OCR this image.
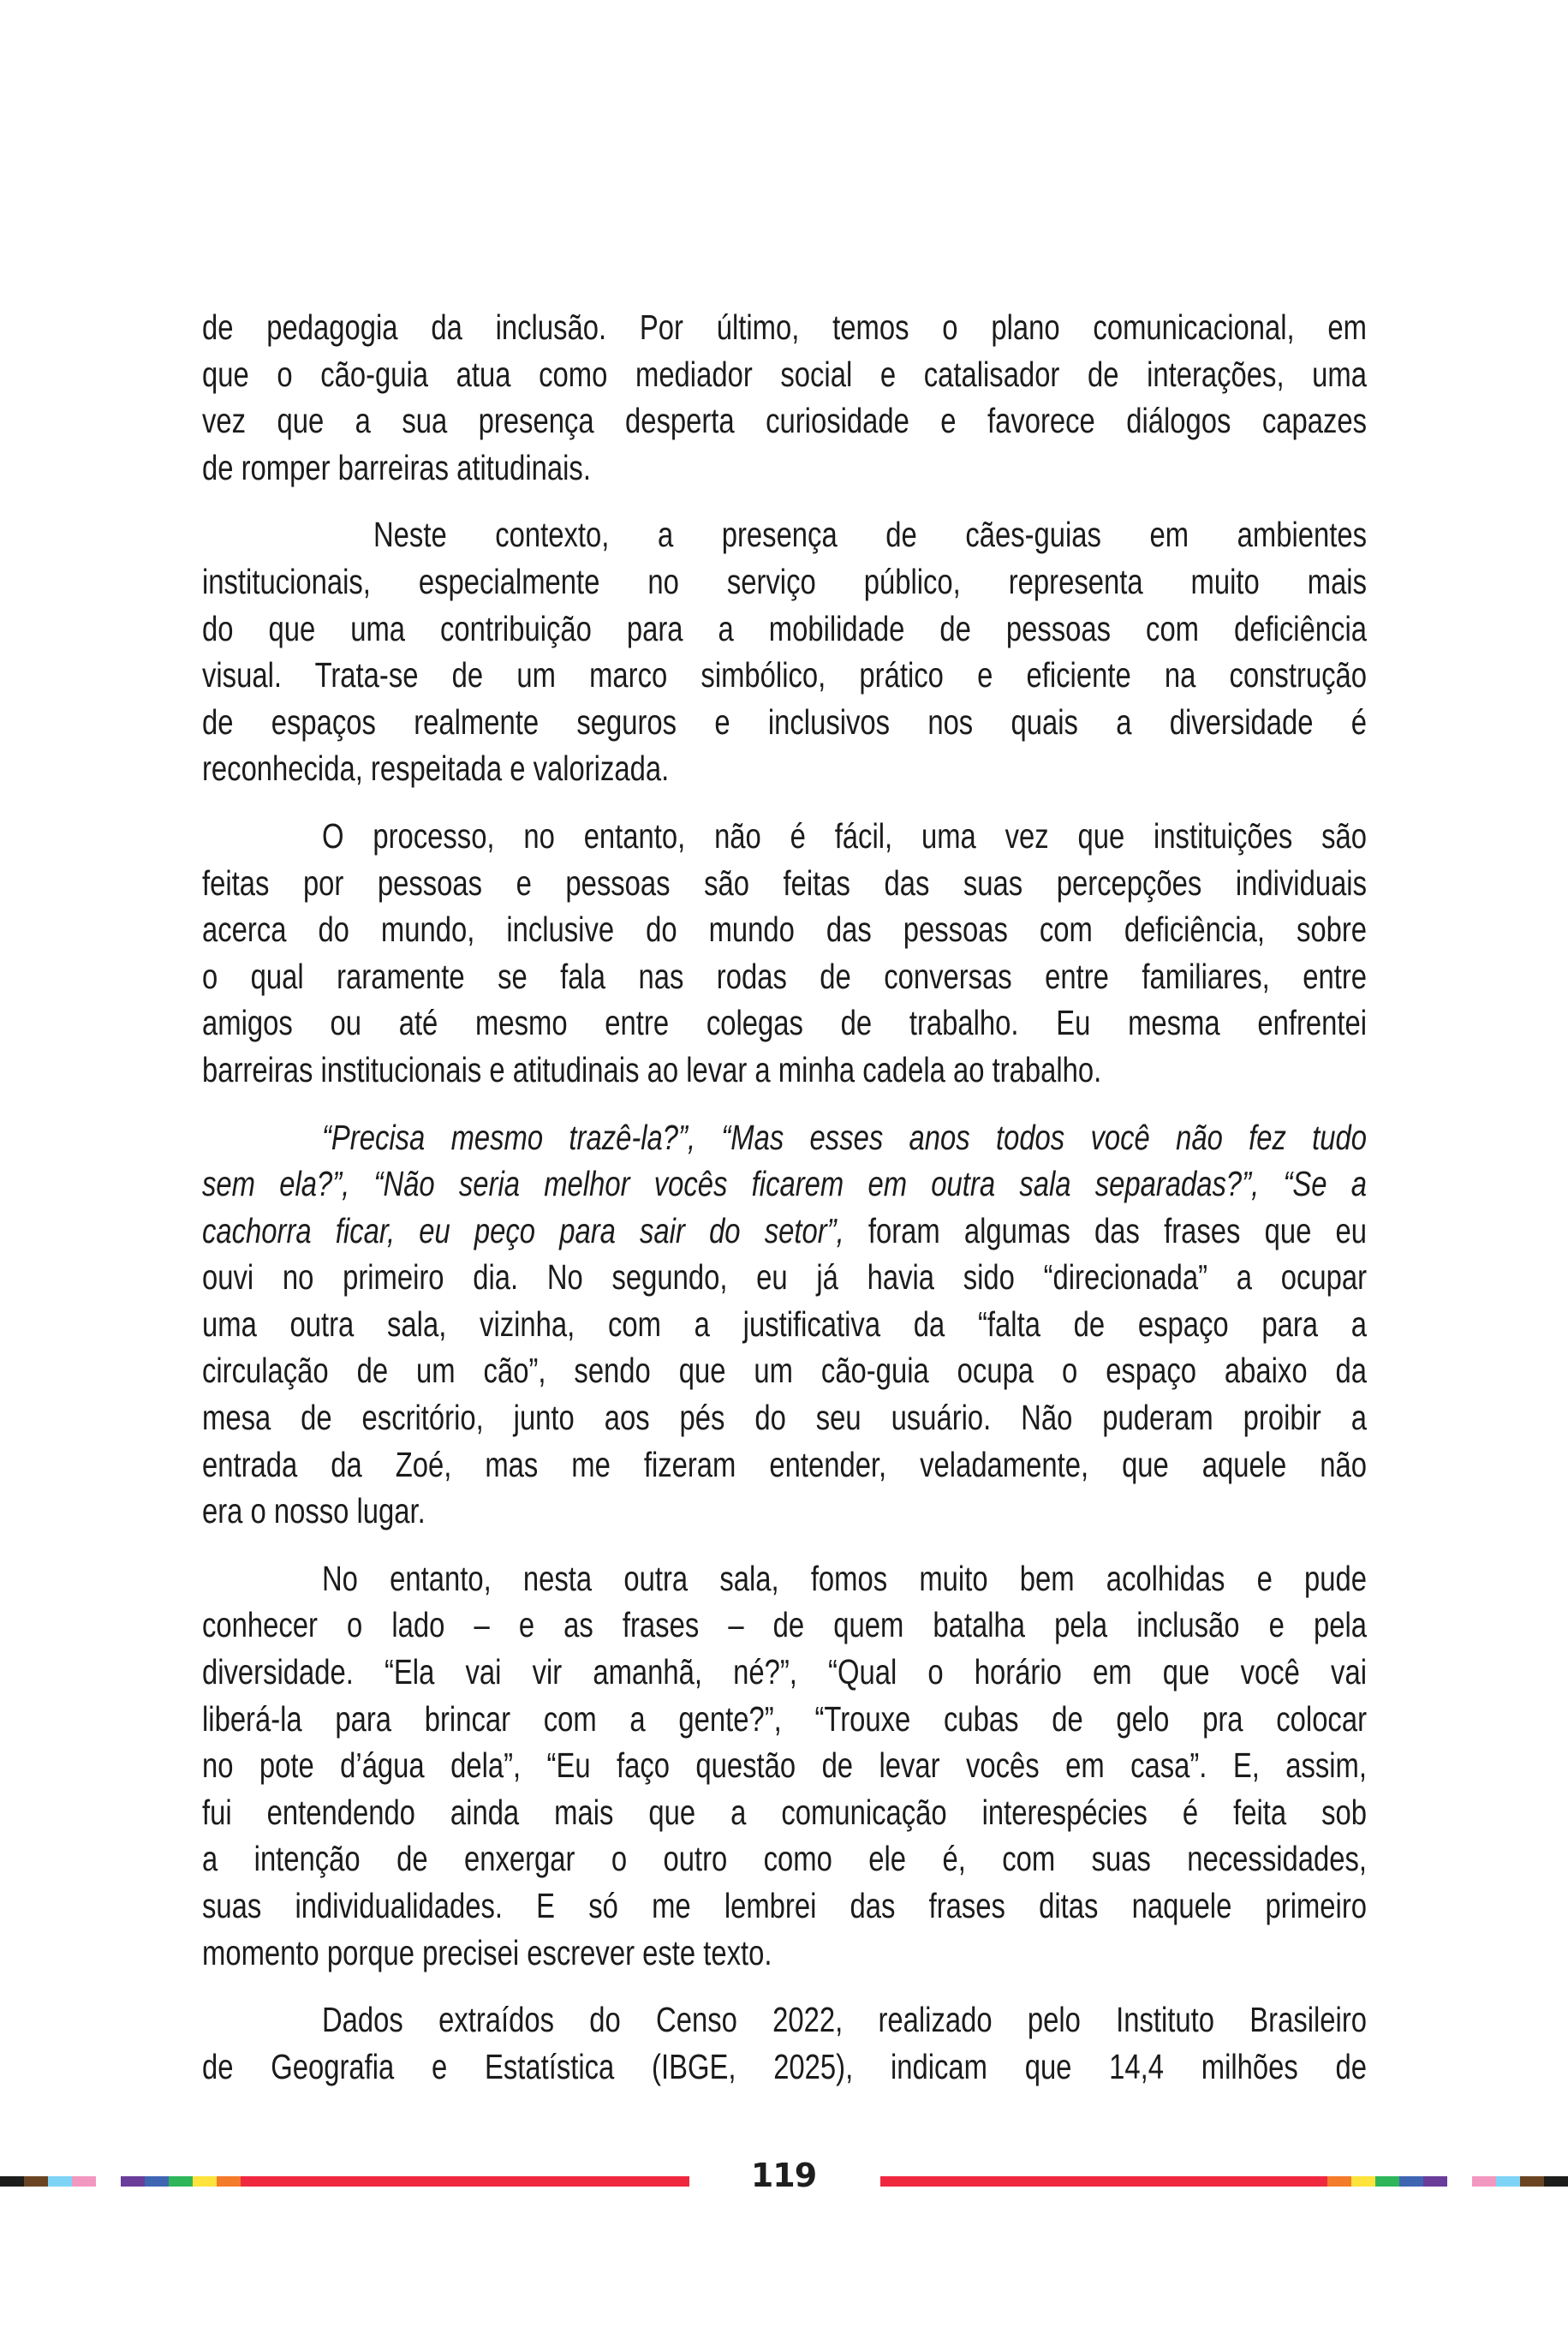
de pedagogia da inclusão. Por último, temos o plano comunicacional, em
que o cão-guia atua como mediador social e catalisador de interações, uma
vez que a sua presença desperta curiosidade e favorece diálogos capazes
de romper barreiras atitudinais.
Neste contexto, a presença de cães-guias em ambientes
institucionais, especialmente no serviço público, representa muito mais
do que uma contribuição para a mobilidade de pessoas com deficiência
visual. Trata-se de um marco simbólico, prático e eficiente na construção
de espaços realmente seguros e inclusivos nos quais a diversidade é
reconhecida, respeitada e valorizada.
O processo, no entanto, não é fácil, uma vez que instituições são
feitas por pessoas e pessoas são feitas das suas percepções individuais
acerca do mundo, inclusive do mundo das pessoas com deficiência, sobre
o qual raramente se fala nas rodas de conversas entre familiares, entre
amigos ou até mesmo entre colegas de trabalho. Eu mesma enfrentei
barreiras institucionais e atitudinais ao levar a minha cadela ao trabalho.
“Precisa mesmo trazê-la?”, “Mas esses anos todos você não fez tudo
sem ela?”, “Não seria melhor vocês ficarem em outra sala separadas?”, “Se a
cachorra ficar, eu peço para sair do setor”, foram algumas das frases que eu
ouvi no primeiro dia. No segundo, eu já havia sido “direcionada” a ocupar
uma outra sala, vizinha, com a justificativa da “falta de espaço para a
circulação de um cão”, sendo que um cão-guia ocupa o espaço abaixo da
mesa de escritório, junto aos pés do seu usuário. Não puderam proibir a
entrada da Zoé, mas me fizeram entender, veladamente, que aquele não
era o nosso lugar.
No entanto, nesta outra sala, fomos muito bem acolhidas e pude
conhecer o lado – e as frases – de quem batalha pela inclusão e pela
diversidade. “Ela vai vir amanhã, né?”, “Qual o horário em que você vai
liberá-la para brincar com a gente?”, “Trouxe cubas de gelo pra colocar
no pote d’água dela”, “Eu faço questão de levar vocês em casa”. E, assim,
fui entendendo ainda mais que a comunicação interespécies é feita sob
a intenção de enxergar o outro como ele é, com suas necessidades,
suas individualidades. E só me lembrei das frases ditas naquele primeiro
momento porque precisei escrever este texto.
Dados extraídos do Censo 2022, realizado pelo Instituto Brasileiro
de Geografia e Estatística (IBGE, 2025), indicam que 14,4 milhões de
119
